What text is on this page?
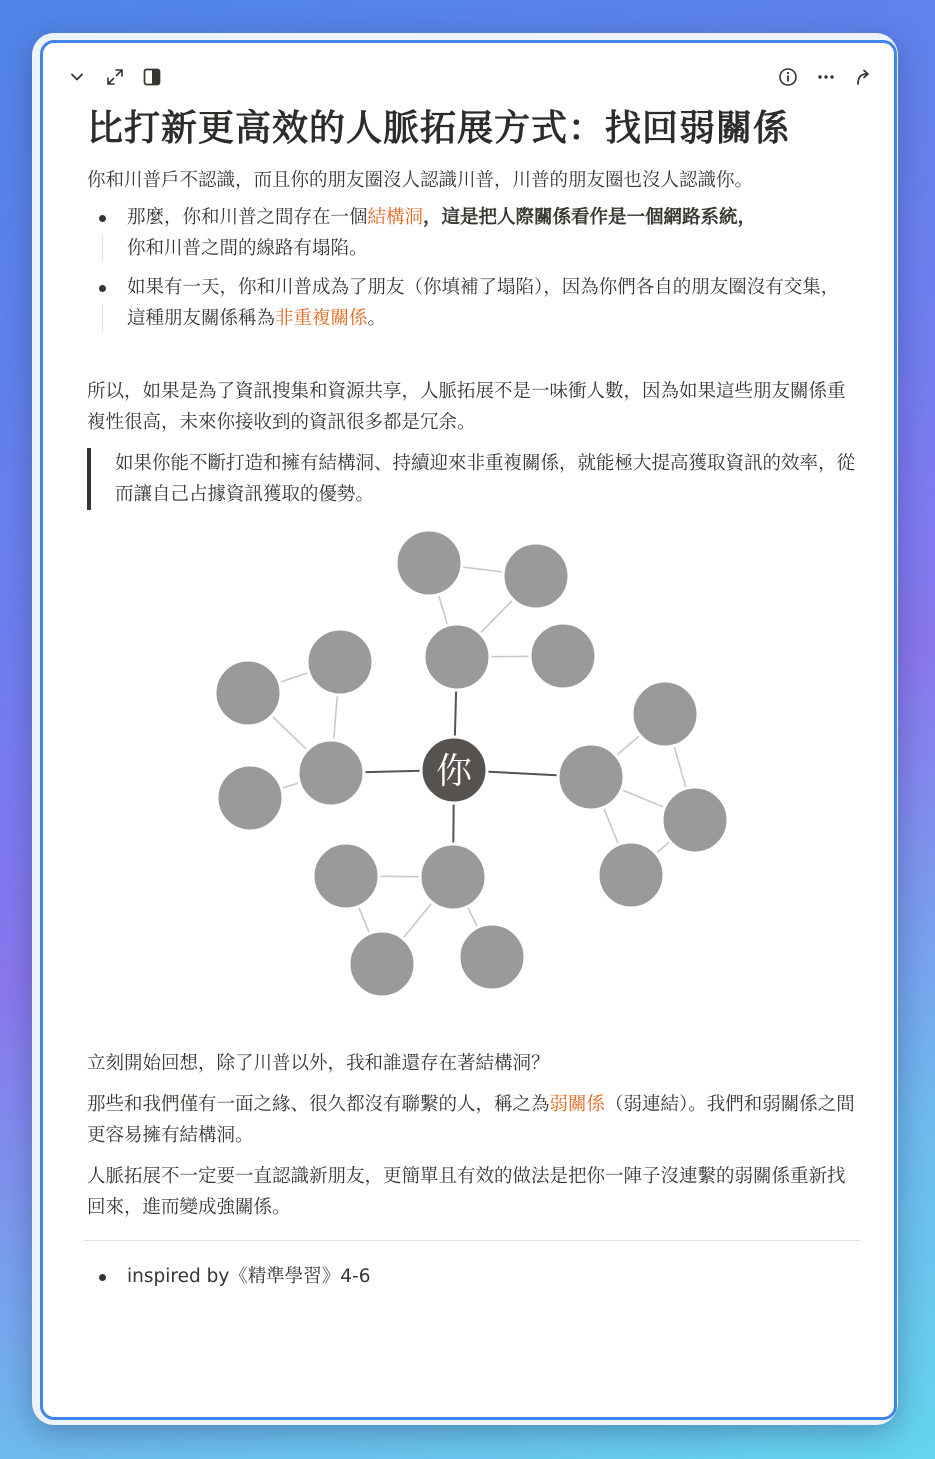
比打新更高效的人脈拓展方式：找回弱關係

你和川普戶不認識，而且你的朋友圈沒人認識川普，川普的朋友圈也沒人認識你。

那麼，你和川普之間存在一個結構洞，這是把人際關係看作是一個網路系統，
你和川普之間的線路有塌陷。
如果有一天，你和川普成為了朋友（你填補了塌陷），因為你們各自的朋友圈沒有交集，這種朋友關係稱為非重複關係。

所以，如果是為了資訊搜集和資源共享，人脈拓展不是一味衝人數，因為如果這些朋友關係重複性很高，未來你接收到的資訊很多都是冗余。

如果你能不斷打造和擁有結構洞、持續迎來非重複關係，就能極大提高獲取資訊的效率，從而讓自己占據資訊獲取的優勢。
你

立刻開始回想，除了川普以外，我和誰還存在著結構洞？

那些和我們僅有一面之緣、很久都沒有聯繫的人，稱之為弱關係（弱連結）。我們和弱關係之間更容易擁有結構洞。

人脈拓展不一定要一直認識新朋友，更簡單且有效的做法是把你一陣子沒連繫的弱關係重新找回來，進而變成強關係。

inspired by《精準學習》4-6
